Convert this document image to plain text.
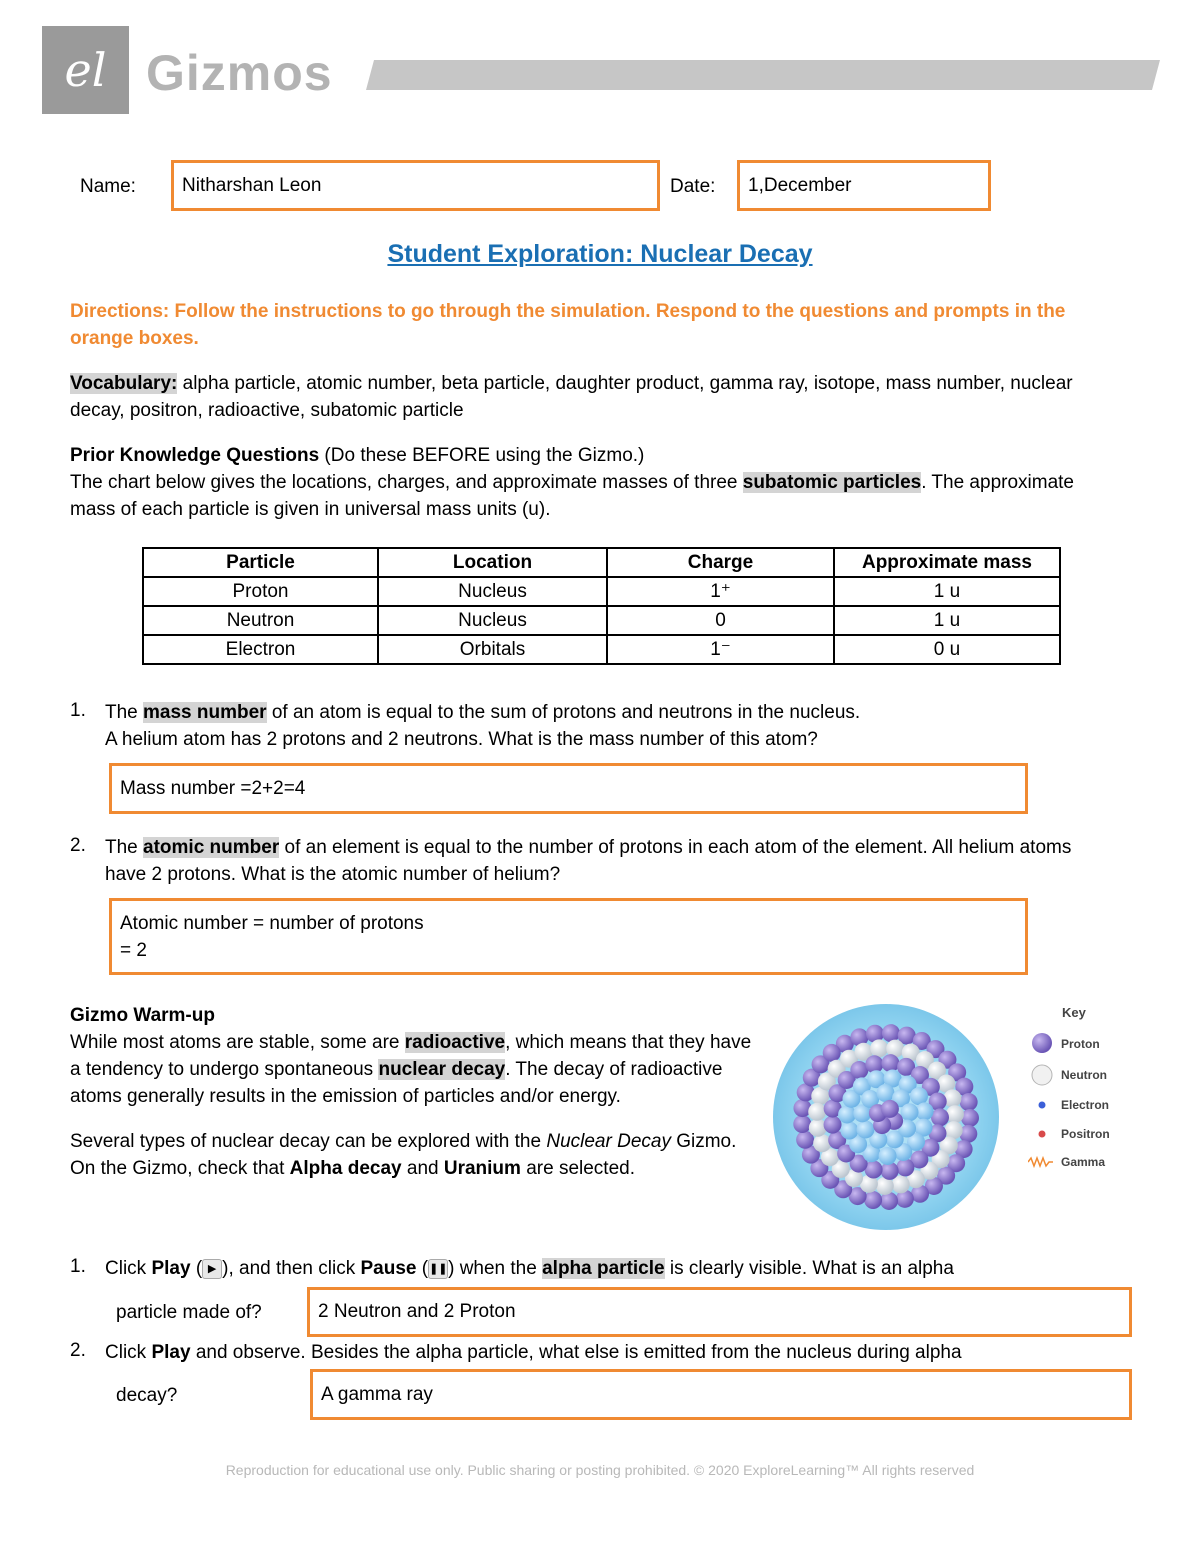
el Gizmos
Name: Nitharshan Leon	Date: 1,December
Student Exploration: Nuclear Decay
Directions: Follow the instructions to go through the simulation. Respond to the questions and prompts in the orange boxes.
Vocabulary: alpha particle, atomic number, beta particle, daughter product, gamma ray, isotope, mass number, nuclear decay, positron, radioactive, subatomic particle
Prior Knowledge Questions (Do these BEFORE using the Gizmo.)
The chart below gives the locations, charges, and approximate masses of three subatomic particles. The approximate mass of each particle is given in universal mass units (u).
Particle	Location	Charge	Approximate mass
Proton	Nucleus	1⁺	1 u
Neutron	Nucleus	0	1 u
Electron	Orbitals	1⁻	0 u
1. The mass number of an atom is equal to the sum of protons and neutrons in the nucleus.
A helium atom has 2 protons and 2 neutrons. What is the mass number of this atom?
Mass number =2+2=4
2. The atomic number of an element is equal to the number of protons in each atom of the element. All helium atoms have 2 protons. What is the atomic number of helium?
Atomic number = number of protons
= 2
Gizmo Warm-up
While most atoms are stable, some are radioactive, which means that they have a tendency to undergo spontaneous nuclear decay. The decay of radioactive atoms generally results in the emission of particles and/or energy.
Several types of nuclear decay can be explored with the Nuclear Decay Gizmo. On the Gizmo, check that Alpha decay and Uranium are selected.
Key
Proton
Neutron
Electron
Positron
Gamma
1. Click Play ( ▶ ), and then click Pause (❚❚) when the alpha particle is clearly visible. What is an alpha
particle made of?	2 Neutron and 2 Proton
2. Click Play and observe. Besides the alpha particle, what else is emitted from the nucleus during alpha
decay?	A gamma ray
Reproduction for educational use only. Public sharing or posting prohibited. © 2020 ExploreLearning™ All rights reserved
